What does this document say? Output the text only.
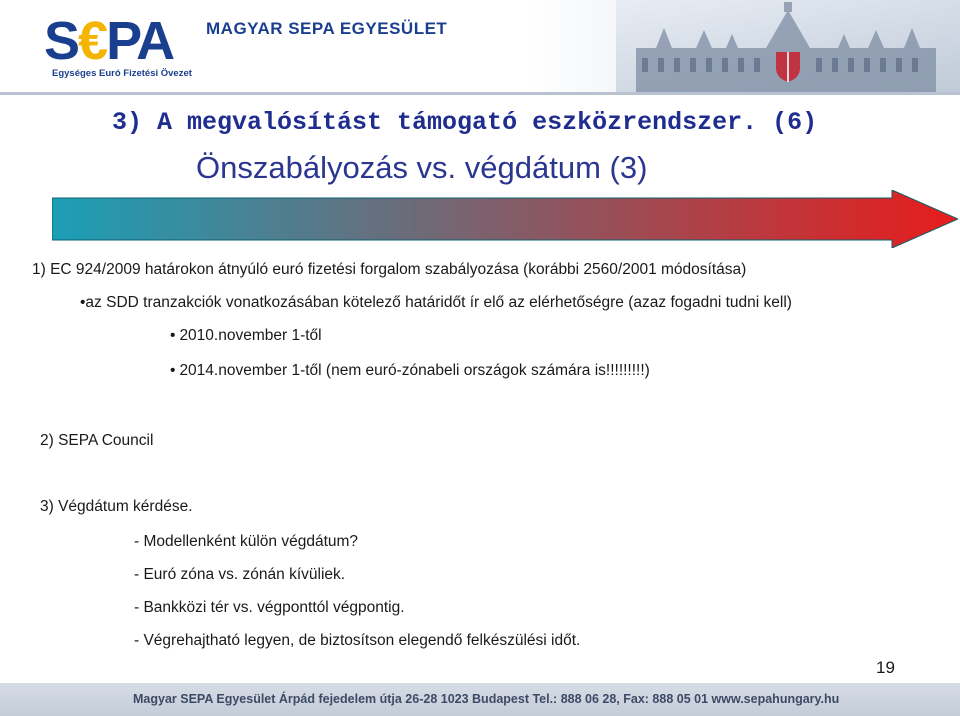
S€PA
Egységes Euró Fizetési Övezet
MAGYAR SEPA EGYESÜLET
3) A megvalósítást támogató eszközrendszer. (6)
Önszabályozás vs. végdátum (3)
1) EC 924/2009 határokon átnyúló euró fizetési forgalom szabályozása (korábbi 2560/2001 módosítása)
•az SDD tranzakciók vonatkozásában kötelező határidőt ír elő az elérhetőségre (azaz fogadni tudni kell)
• 2010.november 1-től
• 2014.november 1-től (nem euró-zónabeli országok számára is!!!!!!!!!)
2) SEPA Council
3) Végdátum kérdése.
- Modellenként külön végdátum?
- Euró zóna vs. zónán kívüliek.
- Bankközi tér vs. végponttól végpontig.
- Végrehajtható legyen, de biztosítson elegendő felkészülési időt.
19
Magyar SEPA Egyesület Árpád fejedelem útja 26-28 1023 Budapest Tel.: 888 06 28, Fax: 888 05 01 www.sepahungary.hu
